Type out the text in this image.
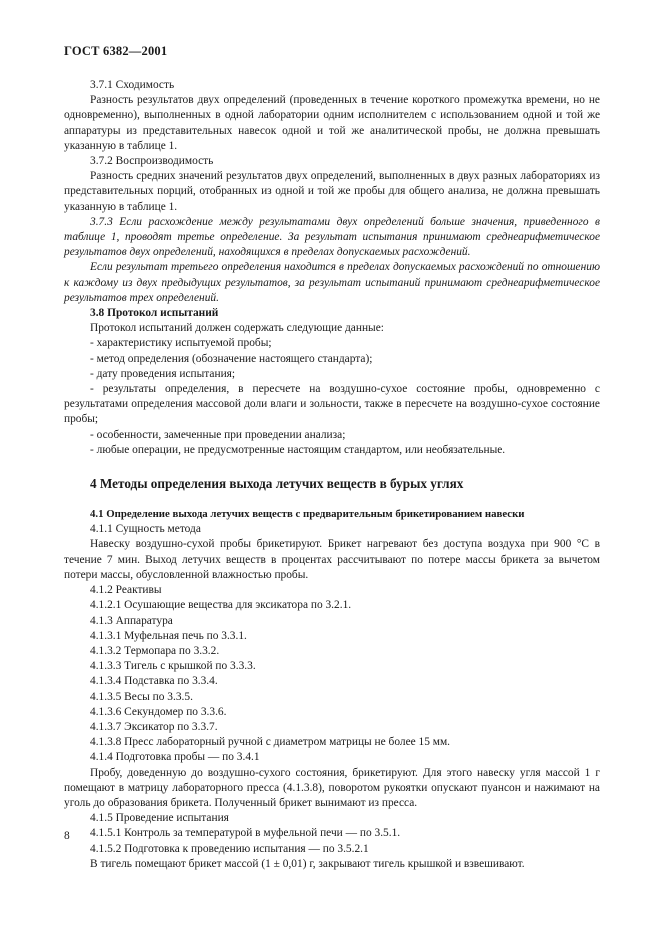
ГОСТ 6382—2001

3.7.1 Сходимость

Разность результатов двух определений (проведенных в течение короткого промежутка времени, но не одновременно), выполненных в одной лаборатории одним исполнителем с использованием одной и той же аппаратуры из представительных навесок одной и той же аналитической пробы, не должна превышать указанную в таблице 1.

3.7.2 Воспроизводимость

Разность средних значений результатов двух определений, выполненных в двух разных лабораториях из представительных порций, отобранных из одной и той же пробы для общего анализа, не должна превышать указанную в таблице 1.

3.7.3 Если расхождение между результатами двух определений больше значения, приведенного в таблице 1, проводят третье определение. За результат испытания принимают среднеарифметическое результатов двух определений, находящихся в пределах допускаемых расхождений.

Если результат третьего определения находится в пределах допускаемых расхождений по отношению к каждому из двух предыдущих результатов, за результат испытаний принимают среднеарифметическое результатов трех определений.

3.8 Протокол испытаний

Протокол испытаний должен содержать следующие данные:

- характеристику испытуемой пробы;

- метод определения (обозначение настоящего стандарта);

- дату проведения испытания;

- результаты определения, в пересчете на воздушно-сухое состояние пробы, одновременно с результатами определения массовой доли влаги и зольности, также в пересчете на воздушно-сухое состояние пробы;

- особенности, замеченные при проведении анализа;

- любые операции, не предусмотренные настоящим стандартом, или необязательные.

4 Методы определения выхода летучих веществ в бурых углях

4.1 Определение выхода летучих веществ с предварительным брикетированием навески

4.1.1 Сущность метода

Навеску воздушно-сухой пробы брикетируют. Брикет нагревают без доступа воздуха при 900 °С в течение 7 мин. Выход летучих веществ в процентах рассчитывают по потере массы брикета за вычетом потери массы, обусловленной влажностью пробы.

4.1.2 Реактивы

4.1.2.1 Осушающие вещества для эксикатора по 3.2.1.

4.1.3 Аппаратура

4.1.3.1 Муфельная печь по 3.3.1.

4.1.3.2 Термопара по 3.3.2.

4.1.3.3 Тигель с крышкой по 3.3.3.

4.1.3.4 Подставка по 3.3.4.

4.1.3.5 Весы по 3.3.5.

4.1.3.6 Секундомер по 3.3.6.

4.1.3.7 Эксикатор по 3.3.7.

4.1.3.8 Пресс лабораторный ручной с диаметром матрицы не более 15 мм.

4.1.4 Подготовка пробы — по 3.4.1

Пробу, доведенную до воздушно-сухого состояния, брикетируют. Для этого навеску угля массой 1 г помещают в матрицу лабораторного пресса (4.1.3.8), поворотом рукоятки опускают пуансон и нажимают на уголь до образования брикета. Полученный брикет вынимают из пресса.

4.1.5 Проведение испытания

4.1.5.1 Контроль за температурой в муфельной печи — по 3.5.1.

4.1.5.2 Подготовка к проведению испытания — по 3.5.2.1

В тигель помещают брикет массой (1 ± 0,01) г, закрывают тигель крышкой и взвешивают.

8
